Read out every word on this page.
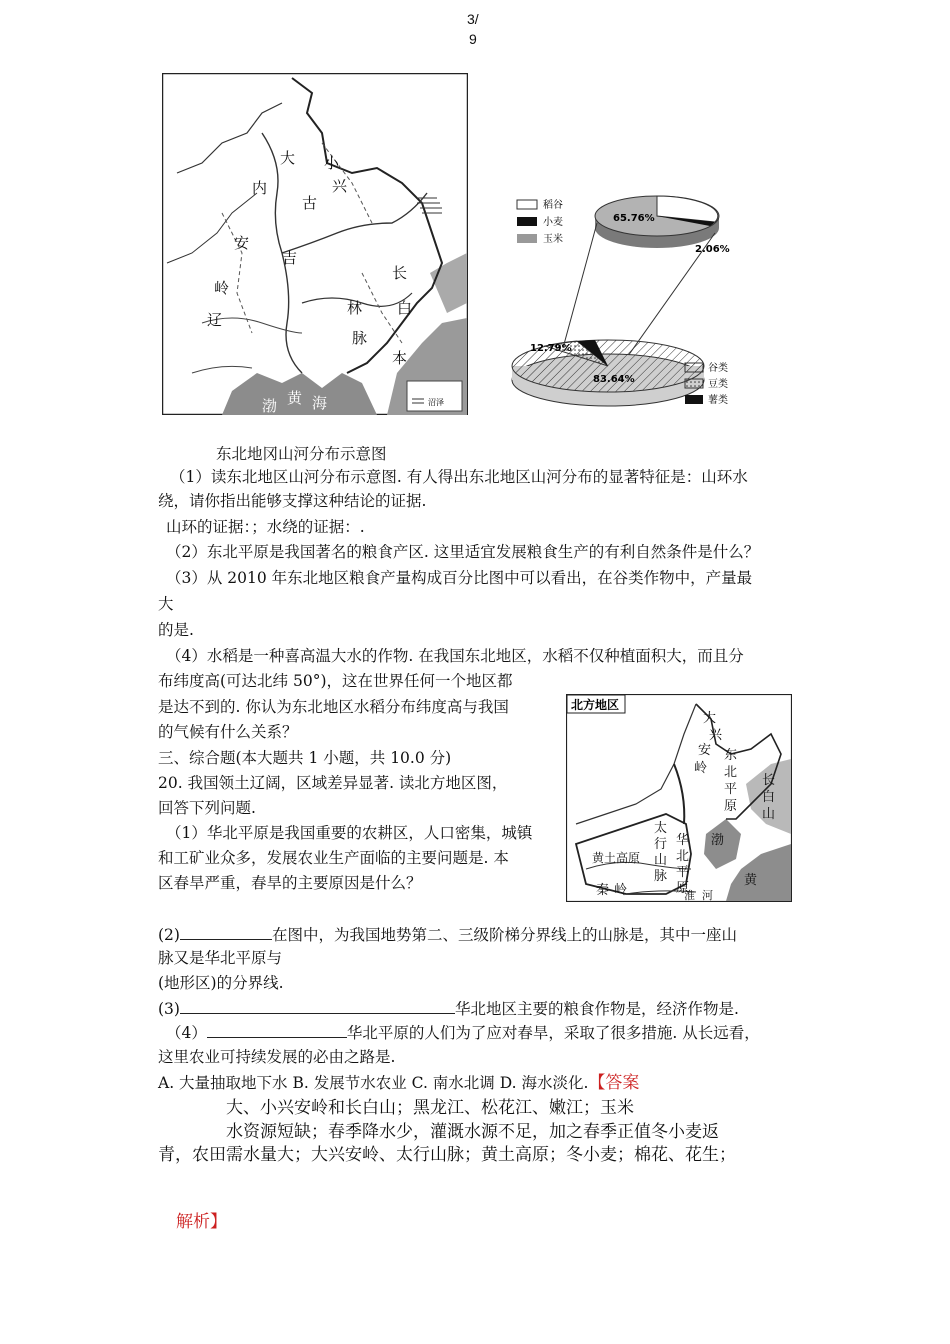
3/
9
沼泽
大
内
安
岭
小
兴
古
吉
林
脉
长
白
辽
本
渤 黄 海
稻谷
小麦
玉米
65.76%
2.06%
12.79%
83.64%
谷类
豆类
薯类
东北地冈山河分布示意图
（1）读东北地区山河分布示意图. 有人得出东北地区山河分布的显著特征是：山环水
绕，请你指出能够支撑这种结论的证据.
山环的证据：；水绕的证据：.
（2）东北平原是我国著名的粮食产区. 这里适宜发展粮食生产的有利自然条件是什么？
（3）从 2010 年东北地区粮食产量构成百分比图中可以看出，在谷类作物中，产量最
大
的是.
（4）水稻是一种喜高温大水的作物. 在我国东北地区，水稻不仅种植面积大，而且分
布纬度高(可达北纬 50°)，这在世界任何一个地区都
是达不到的. 你认为东北地区水稻分布纬度高与我国
的气候有什么关系？
三、综合题(本大题共 1 小题，共 10.0 分)
20. 我国领土辽阔，区域差异显著. 读北方地区图，
回答下列问题.
（1）华北平原是我国重要的农耕区，人口密集，城镇
和工矿业众多，发展农业生产面临的主要问题是. 本
区春旱严重，春旱的主要原因是什么？
北方地区
大
兴
安
岭
东
北
平
原
长
白
山
太
行
山
脉
华
北
平
原
黄土高原
渤
黄
秦 岭	淮 河
(2)	在图中，为我国地势第二、三级阶梯分界线上的山脉是，其中一座山
脉又是华北平原与
(地形区)的分界线.
(3)	华北地区主要的粮食作物是，经济作物是.
（4）	华北平原的人们为了应对春旱，采取了很多措施. 从长远看，
这里农业可持续发展的必由之路是.
A. 大量抽取地下水 B. 发展节水农业 C. 南水北调 D. 海水淡化.【答案
大、小兴安岭和长白山；黑龙江、松花江、嫩江；玉米
水资源短缺；春季降水少，灌溉水源不足，加之春季正值冬小麦返
青，农田需水量大；大兴安岭、太行山脉；黄土高原；冬小麦；棉花、花生；
解析】
